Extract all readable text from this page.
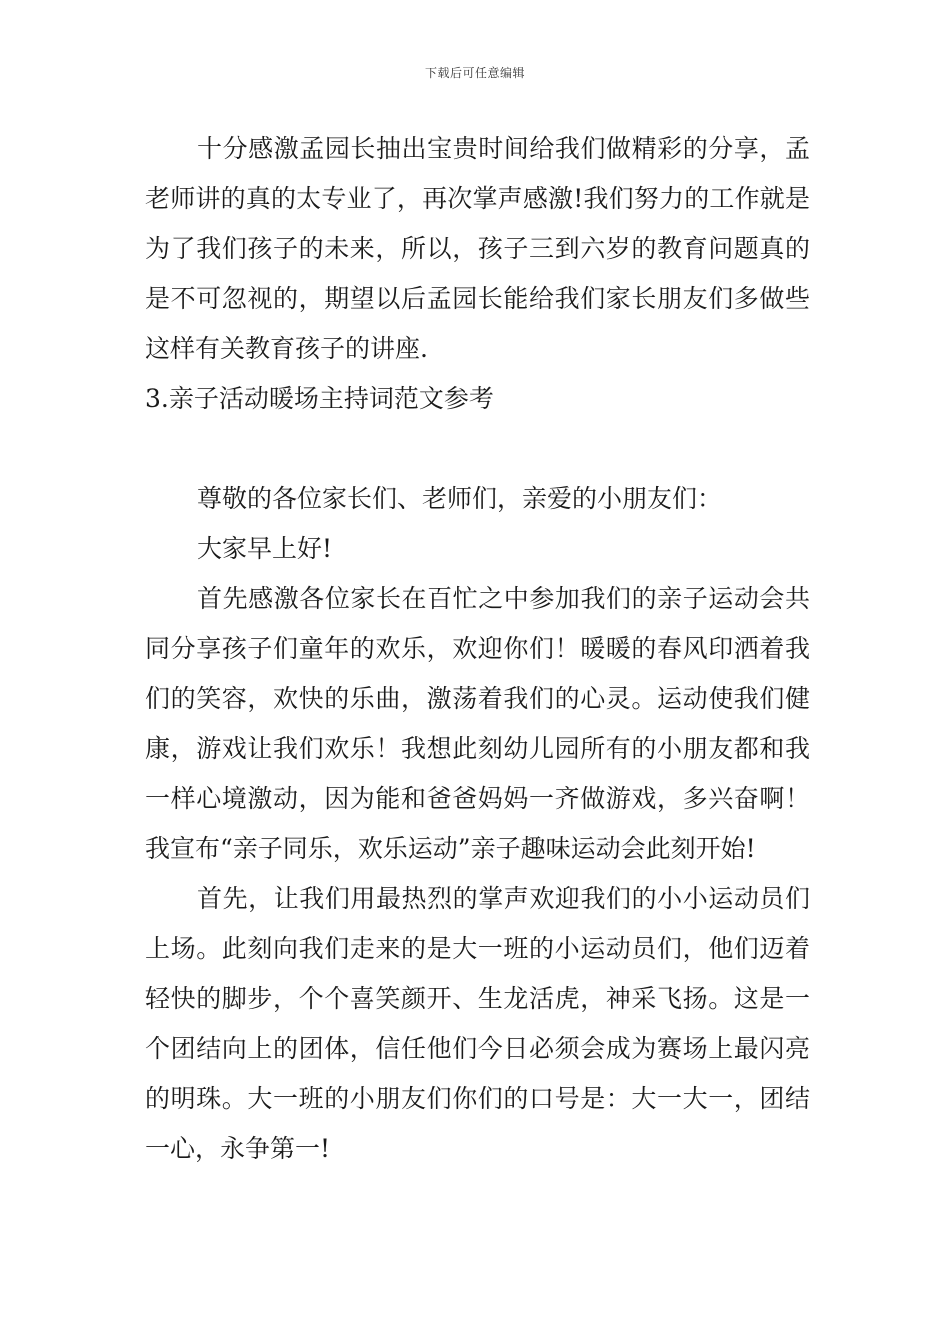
下载后可任意编辑

十分感激孟园长抽出宝贵时间给我们做精彩的分享，孟老师讲的真的太专业了，再次掌声感激!我们努力的工作就是为了我们孩子的未来，所以，孩子三到六岁的教育问题真的是不可忽视的，期望以后孟园长能给我们家长朋友们多做些这样有关教育孩子的讲座.

3.亲子活动暖场主持词范文参考

尊敬的各位家长们、老师们，亲爱的小朋友们：

大家早上好!

首先感激各位家长在百忙之中参加我们的亲子运动会共同分享孩子们童年的欢乐，欢迎你们！暖暖的春风印洒着我们的笑容，欢快的乐曲，激荡着我们的心灵。运动使我们健康，游戏让我们欢乐！我想此刻幼儿园所有的小朋友都和我一样心境激动，因为能和爸爸妈妈一齐做游戏，多兴奋啊！我宣布“亲子同乐，欢乐运动”亲子趣味运动会此刻开始!

首先，让我们用最热烈的掌声欢迎我们的小小运动员们上场。此刻向我们走来的是大一班的小运动员们，他们迈着轻快的脚步，个个喜笑颜开、生龙活虎，神采飞扬。这是一个团结向上的团体，信任他们今日必须会成为赛场上最闪亮的明珠。大一班的小朋友们你们的口号是：大一大一，团结一心，永争第一!
